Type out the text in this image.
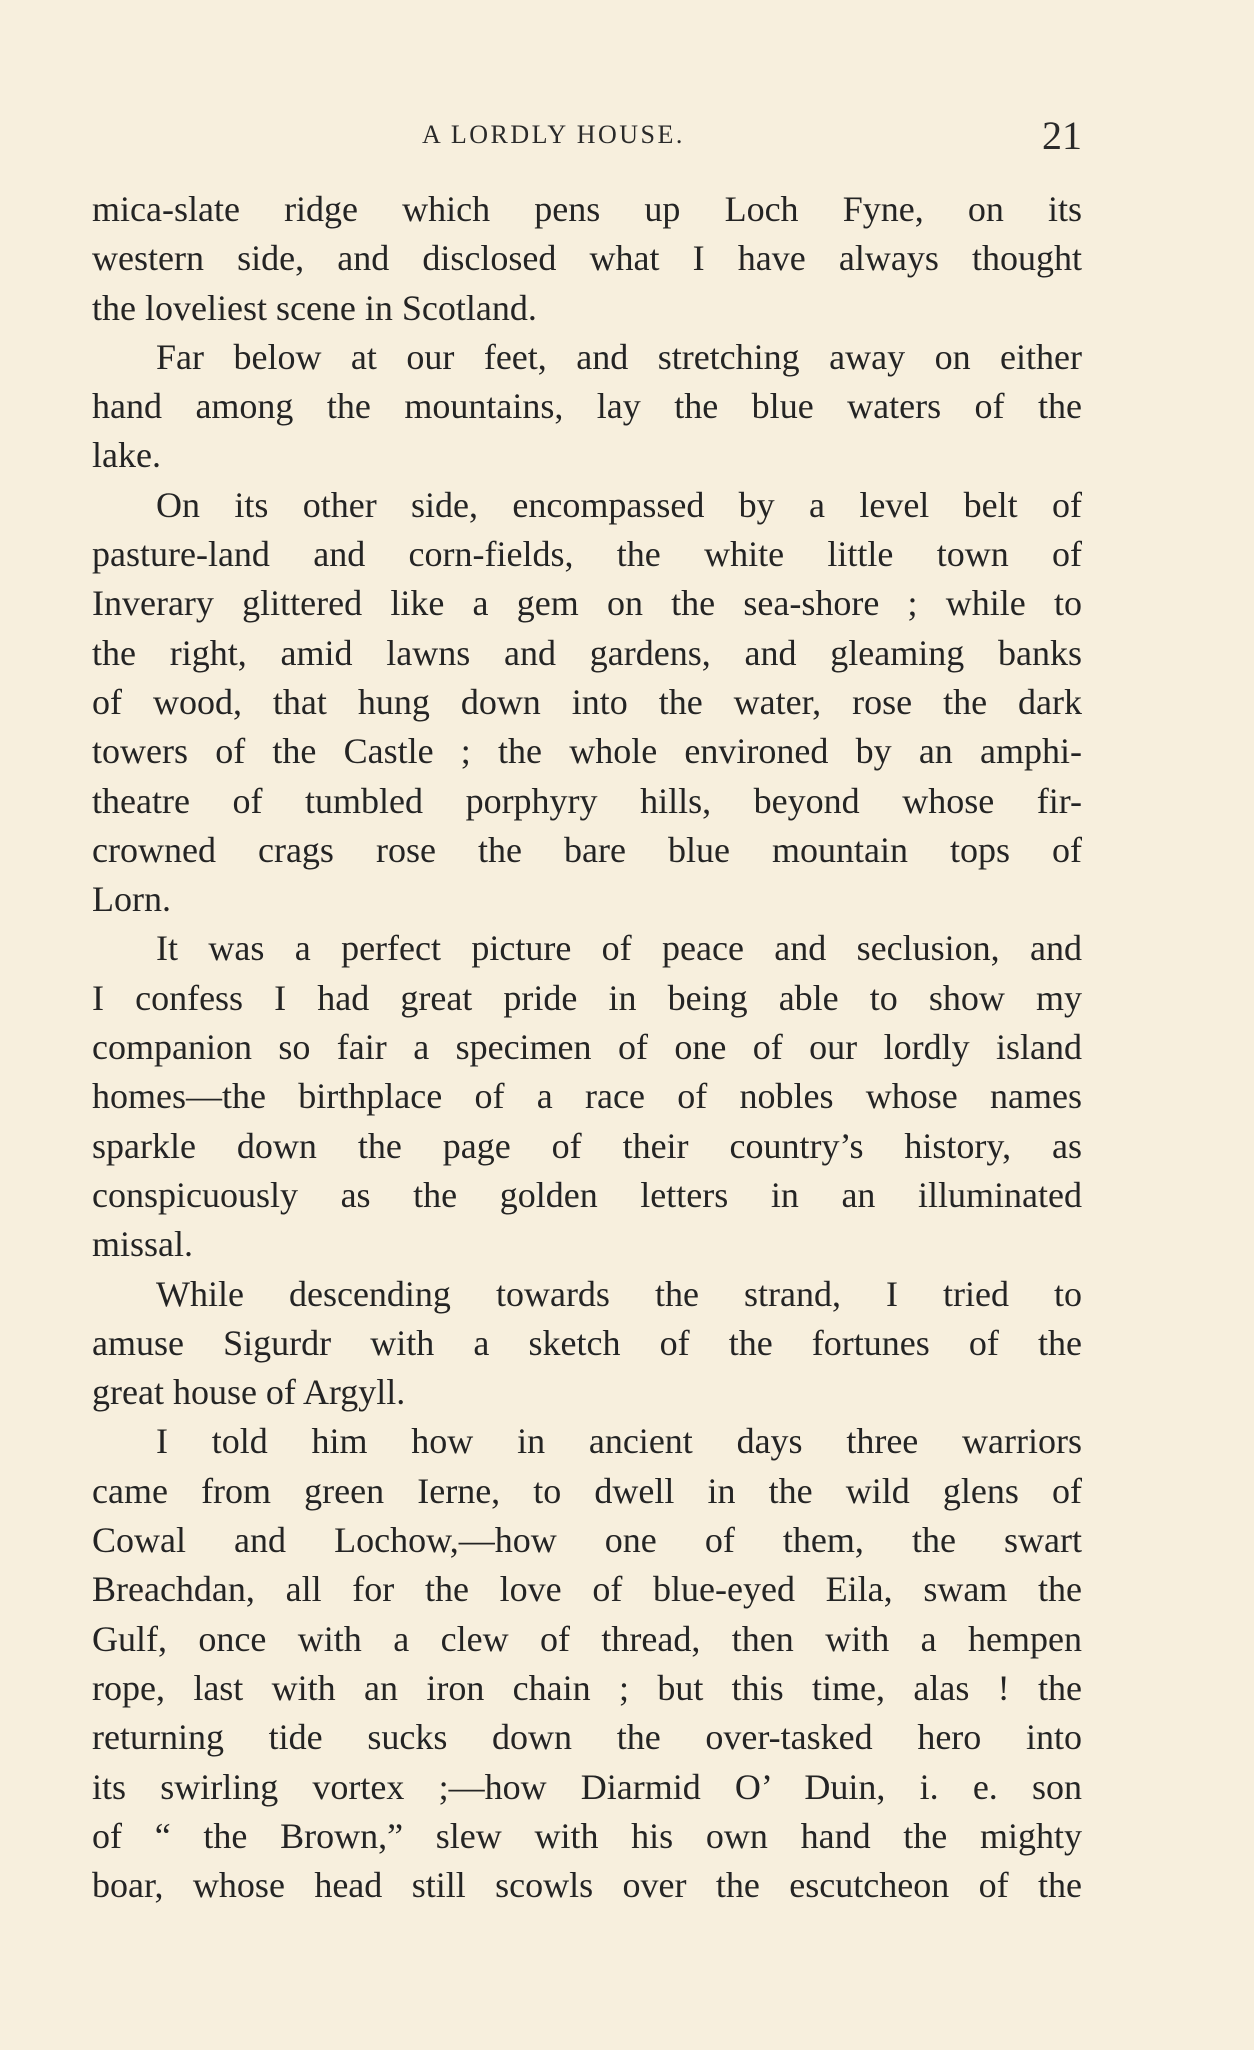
A LORDLY HOUSE.	21
mica-slate ridge which pens up Loch Fyne, on its
western side, and disclosed what I have always thought
the loveliest scene in Scotland.
Far below at our feet, and stretching away on either
hand among the mountains, lay the blue waters of the
lake.
On its other side, encompassed by a level belt of
pasture-land and corn-fields, the white little town of
Inverary glittered like a gem on the sea-shore ; while to
the right, amid lawns and gardens, and gleaming banks
of wood, that hung down into the water, rose the dark
towers of the Castle ; the whole environed by an amphi-
theatre of tumbled porphyry hills, beyond whose fir-
crowned crags rose the bare blue mountain tops of
Lorn.
It was a perfect picture of peace and seclusion, and
I confess I had great pride in being able to show my
companion so fair a specimen of one of our lordly island
homes—the birthplace of a race of nobles whose names
sparkle down the page of their country’s history, as
conspicuously as the golden letters in an illuminated
missal.
While descending towards the strand, I tried to
amuse Sigurdr with a sketch of the fortunes of the
great house of Argyll.
I told him how in ancient days three warriors
came from green Ierne, to dwell in the wild glens of
Cowal and Lochow,—how one of them, the swart
Breachdan, all for the love of blue-eyed Eila, swam the
Gulf, once with a clew of thread, then with a hempen
rope, last with an iron chain ; but this time, alas ! the
returning tide sucks down the over-tasked hero into
its swirling vortex ;—how Diarmid O’ Duin, i. e. son
of “ the Brown,” slew with his own hand the mighty
boar, whose head still scowls over the escutcheon of the
